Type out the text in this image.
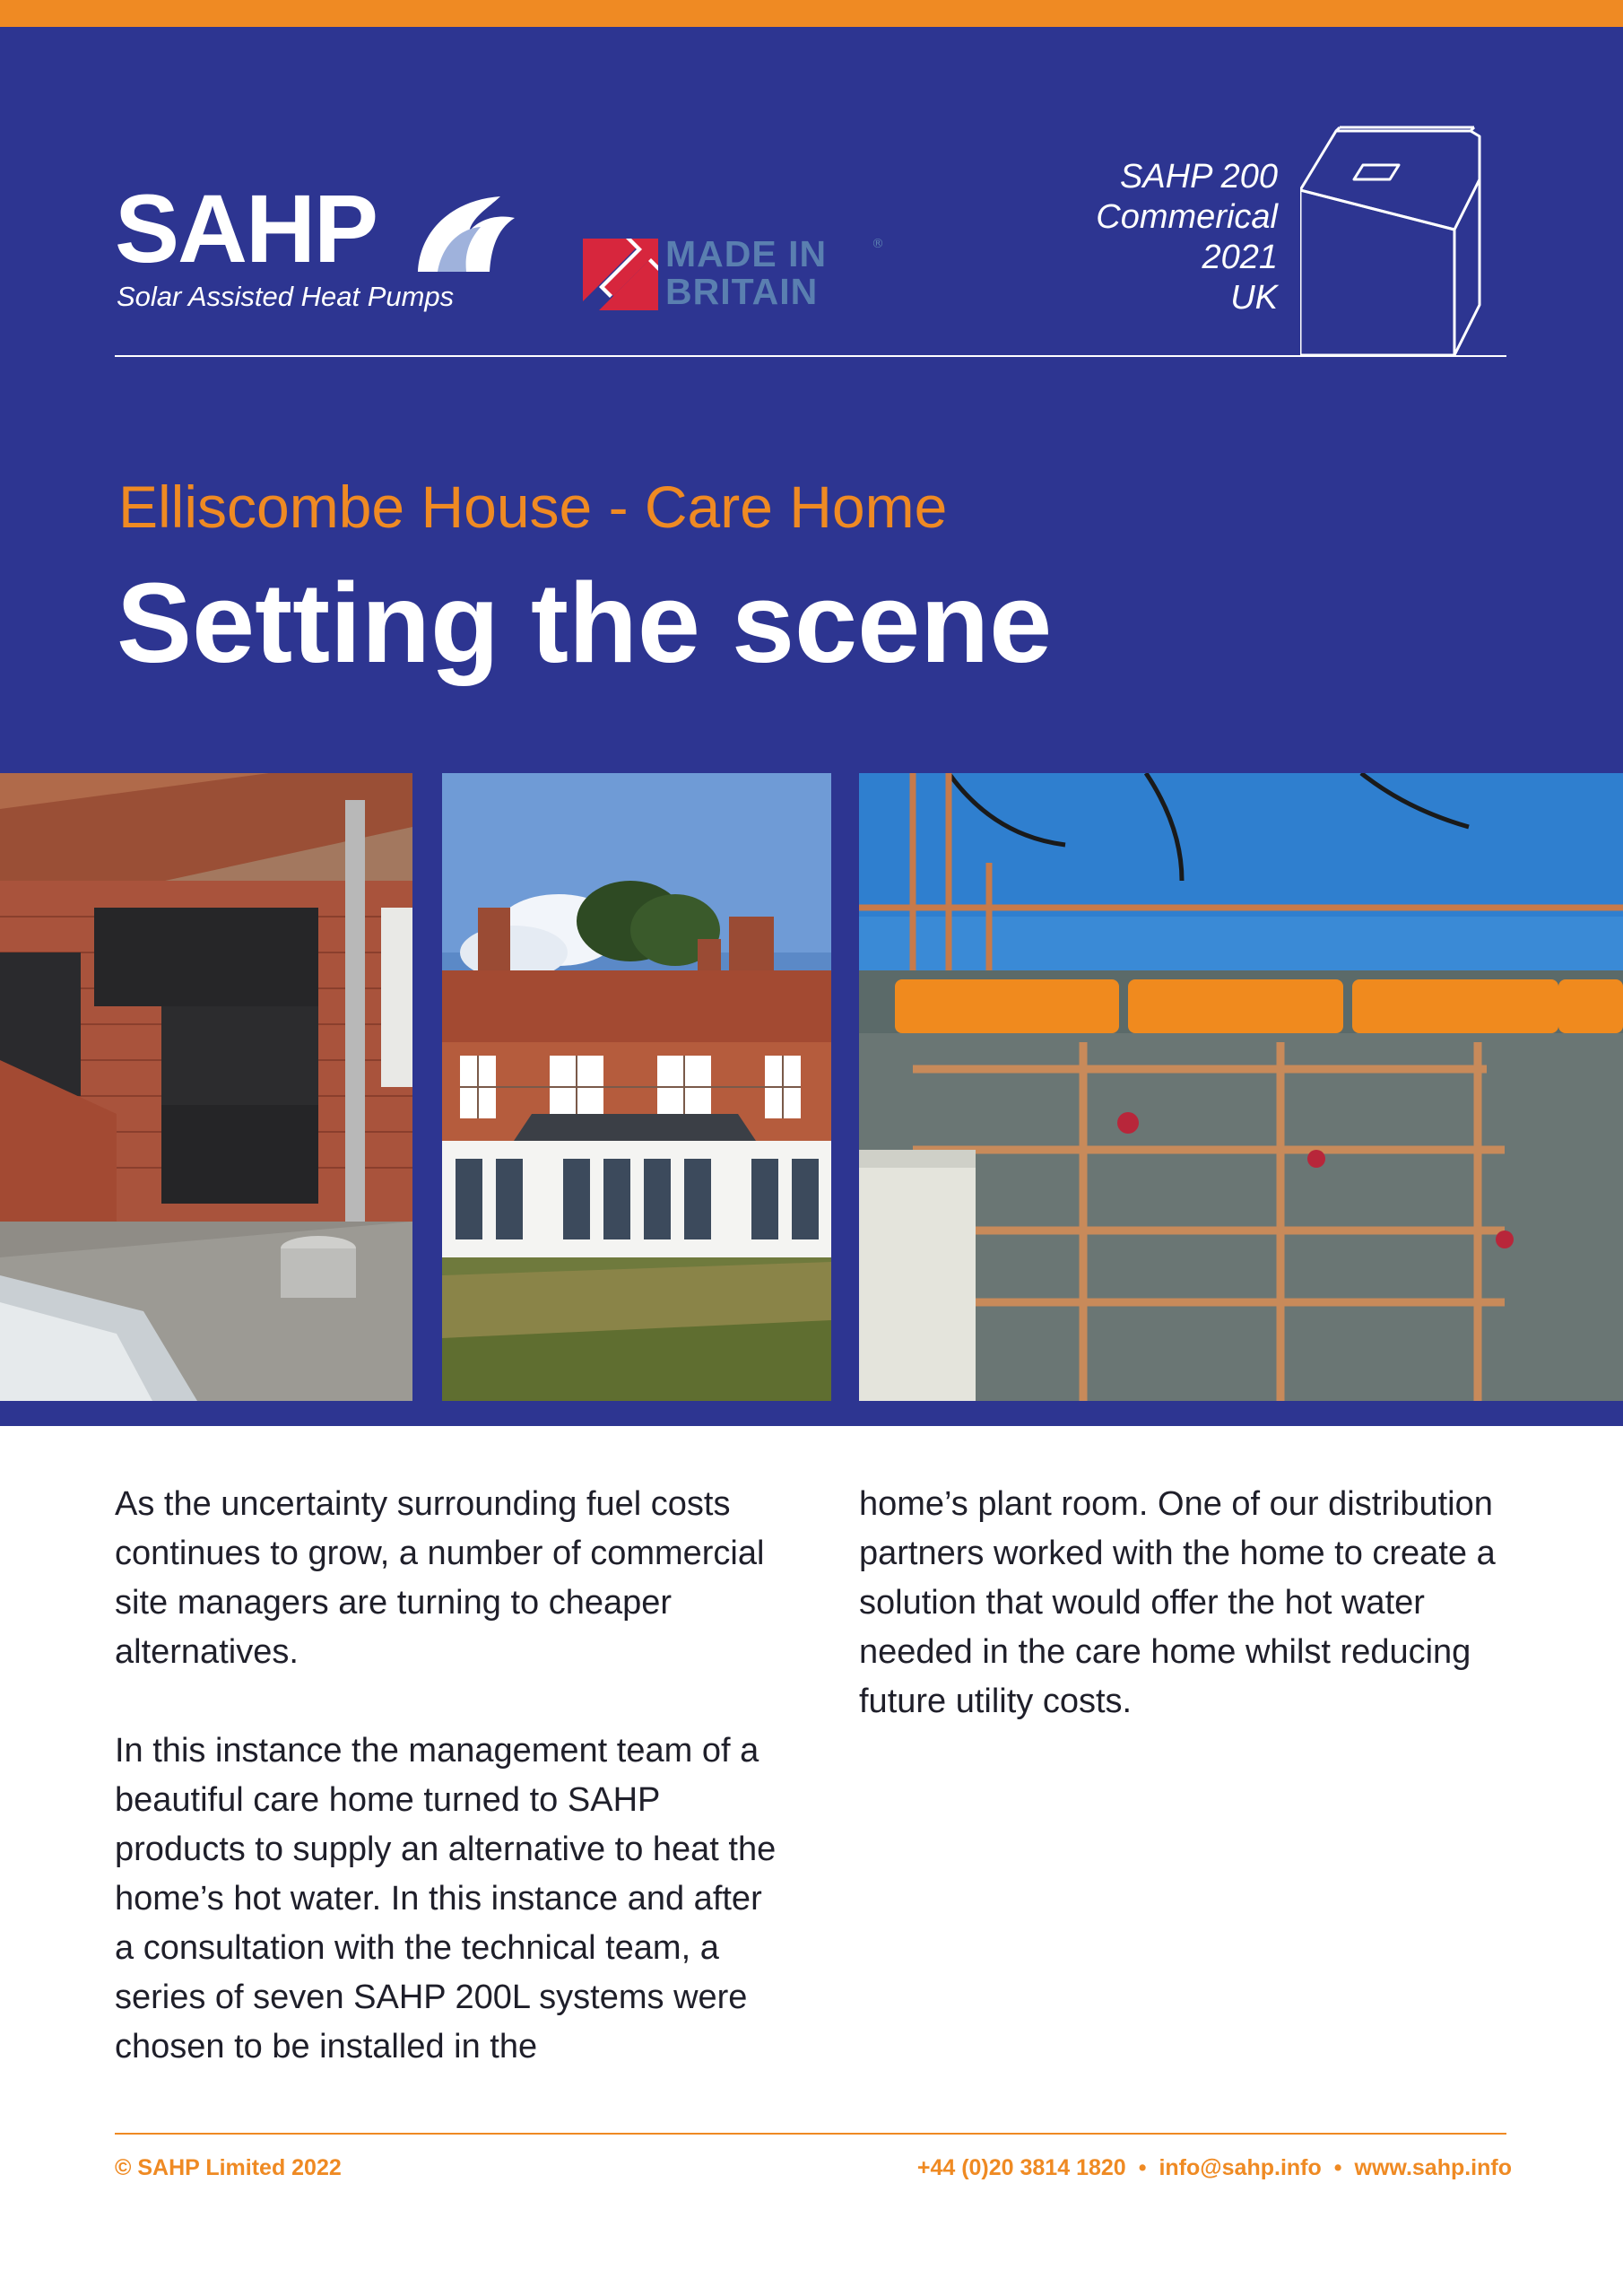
SAHP
Solar Assisted Heat Pumps
MADE IN
BRITAIN
®
SAHP 200
Commerical
2021
UK
Elliscombe House - Care Home
Setting the scene

As the uncertainty surrounding fuel costs continues to grow, a number of commercial site managers are turning to cheaper alternatives.

In this instance the management team of a beautiful care home turned to SAHP products to supply an alternative to heat the home’s hot water. In this instance and after a consultation with the technical team, a series of seven SAHP 200L systems were chosen to be installed in the

home’s plant room. One of our distribution partners worked with the home to create a solution that would offer the hot water needed in the care home whilst reducing future utility costs.

© SAHP Limited 2022	+44 (0)20 3814 1820 • info@sahp.info • www.sahp.info
